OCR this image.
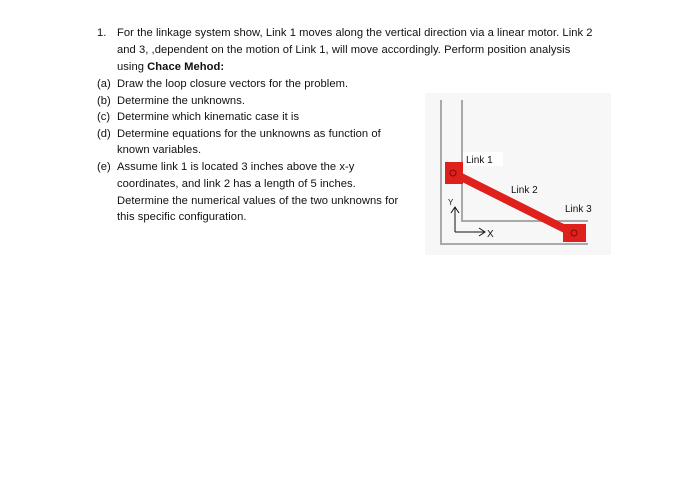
1. For the linkage system show, Link 1 moves along the vertical direction via a linear motor. Link 2
and 3, ,dependent on the motion of Link 1, will move accordingly. Perform position analysis
using Chace Mehod:
(a) Draw the loop closure vectors for the problem.
(b) Determine the unknowns.
(c) Determine which kinematic case it is
(d) Determine equations for the unknowns as function of
known variables.
(e) Assume link 1 is located 3 inches above the x-y
coordinates, and link 2 has a length of 5 inches.
Determine the numerical values of the two unknowns for
this specific configuration.
Link 1
Link 2
Link 3
Y
X
